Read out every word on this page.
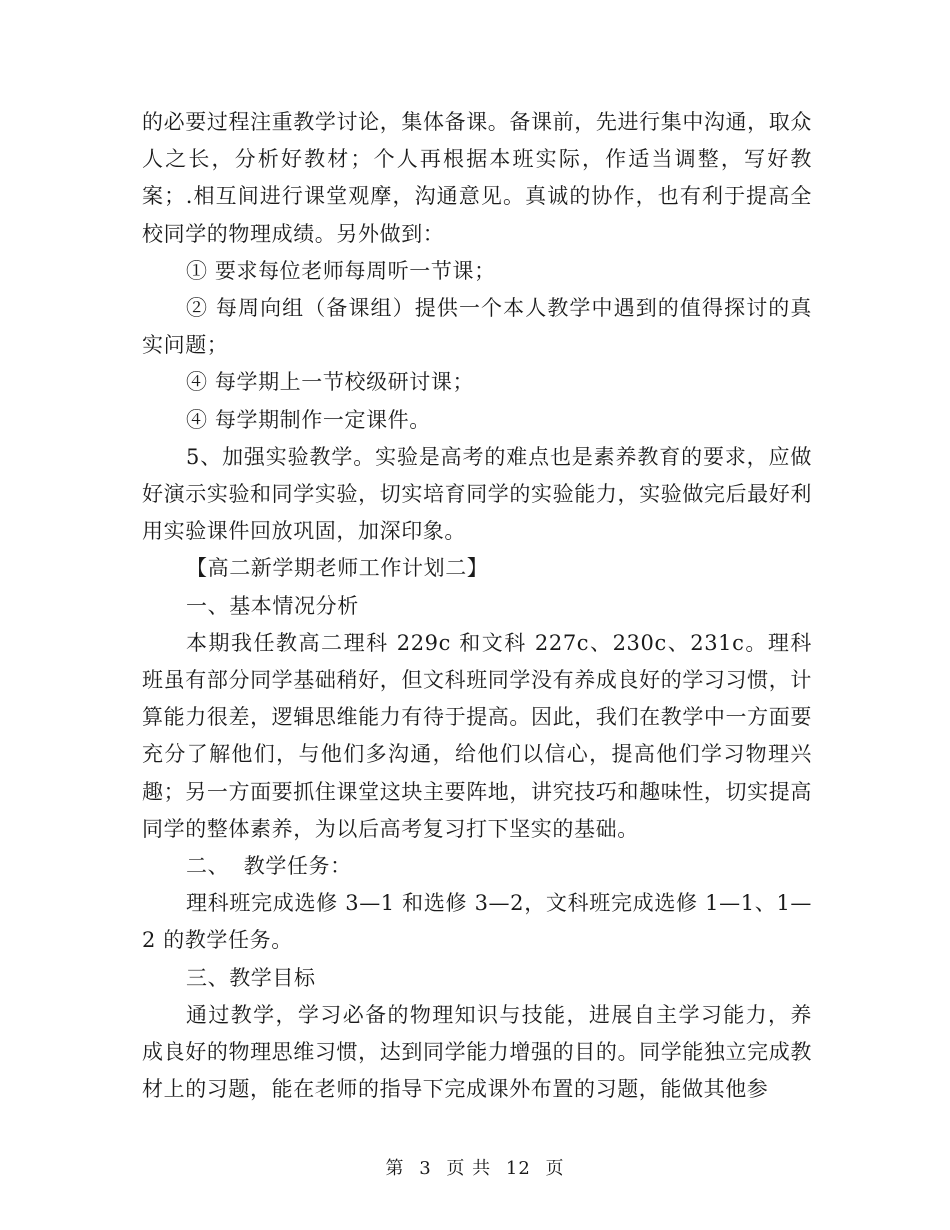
的必要过程注重教学讨论，集体备课。备课前，先进行集中沟通，取众人之长，分析好教材；个人再根据本班实际，作适当调整，写好教案；.相互间进行课堂观摩，沟通意见。真诚的协作，也有利于提高全校同学的物理成绩。另外做到：

① 要求每位老师每周听一节课；

② 每周向组（备课组）提供一个本人教学中遇到的值得探讨的真实问题；

④ 每学期上一节校级研讨课；

④ 每学期制作一定课件。

5、加强实验教学。实验是高考的难点也是素养教育的要求，应做好演示实验和同学实验，切实培育同学的实验能力，实验做完后最好利用实验课件回放巩固，加深印象。

【高二新学期老师工作计划二】

一、基本情况分析

本期我任教高二理科 229c 和文科 227c、230c、231c。理科班虽有部分同学基础稍好，但文科班同学没有养成良好的学习习惯，计算能力很差，逻辑思维能力有待于提高。因此，我们在教学中一方面要充分了解他们，与他们多沟通，给他们以信心，提高他们学习物理兴趣；另一方面要抓住课堂这块主要阵地，讲究技巧和趣味性，切实提高同学的整体素养，为以后高考复习打下坚实的基础。

二、  教学任务：

理科班完成选修 3—1 和选修 3—2，文科班完成选修 1—1、1—2 的教学任务。

三、教学目标

通过教学，学习必备的物理知识与技能，进展自主学习能力，养成良好的物理思维习惯，达到同学能力增强的目的。同学能独立完成教材上的习题，能在老师的指导下完成课外布置的习题，能做其他参

第 3 页 共 12 页
